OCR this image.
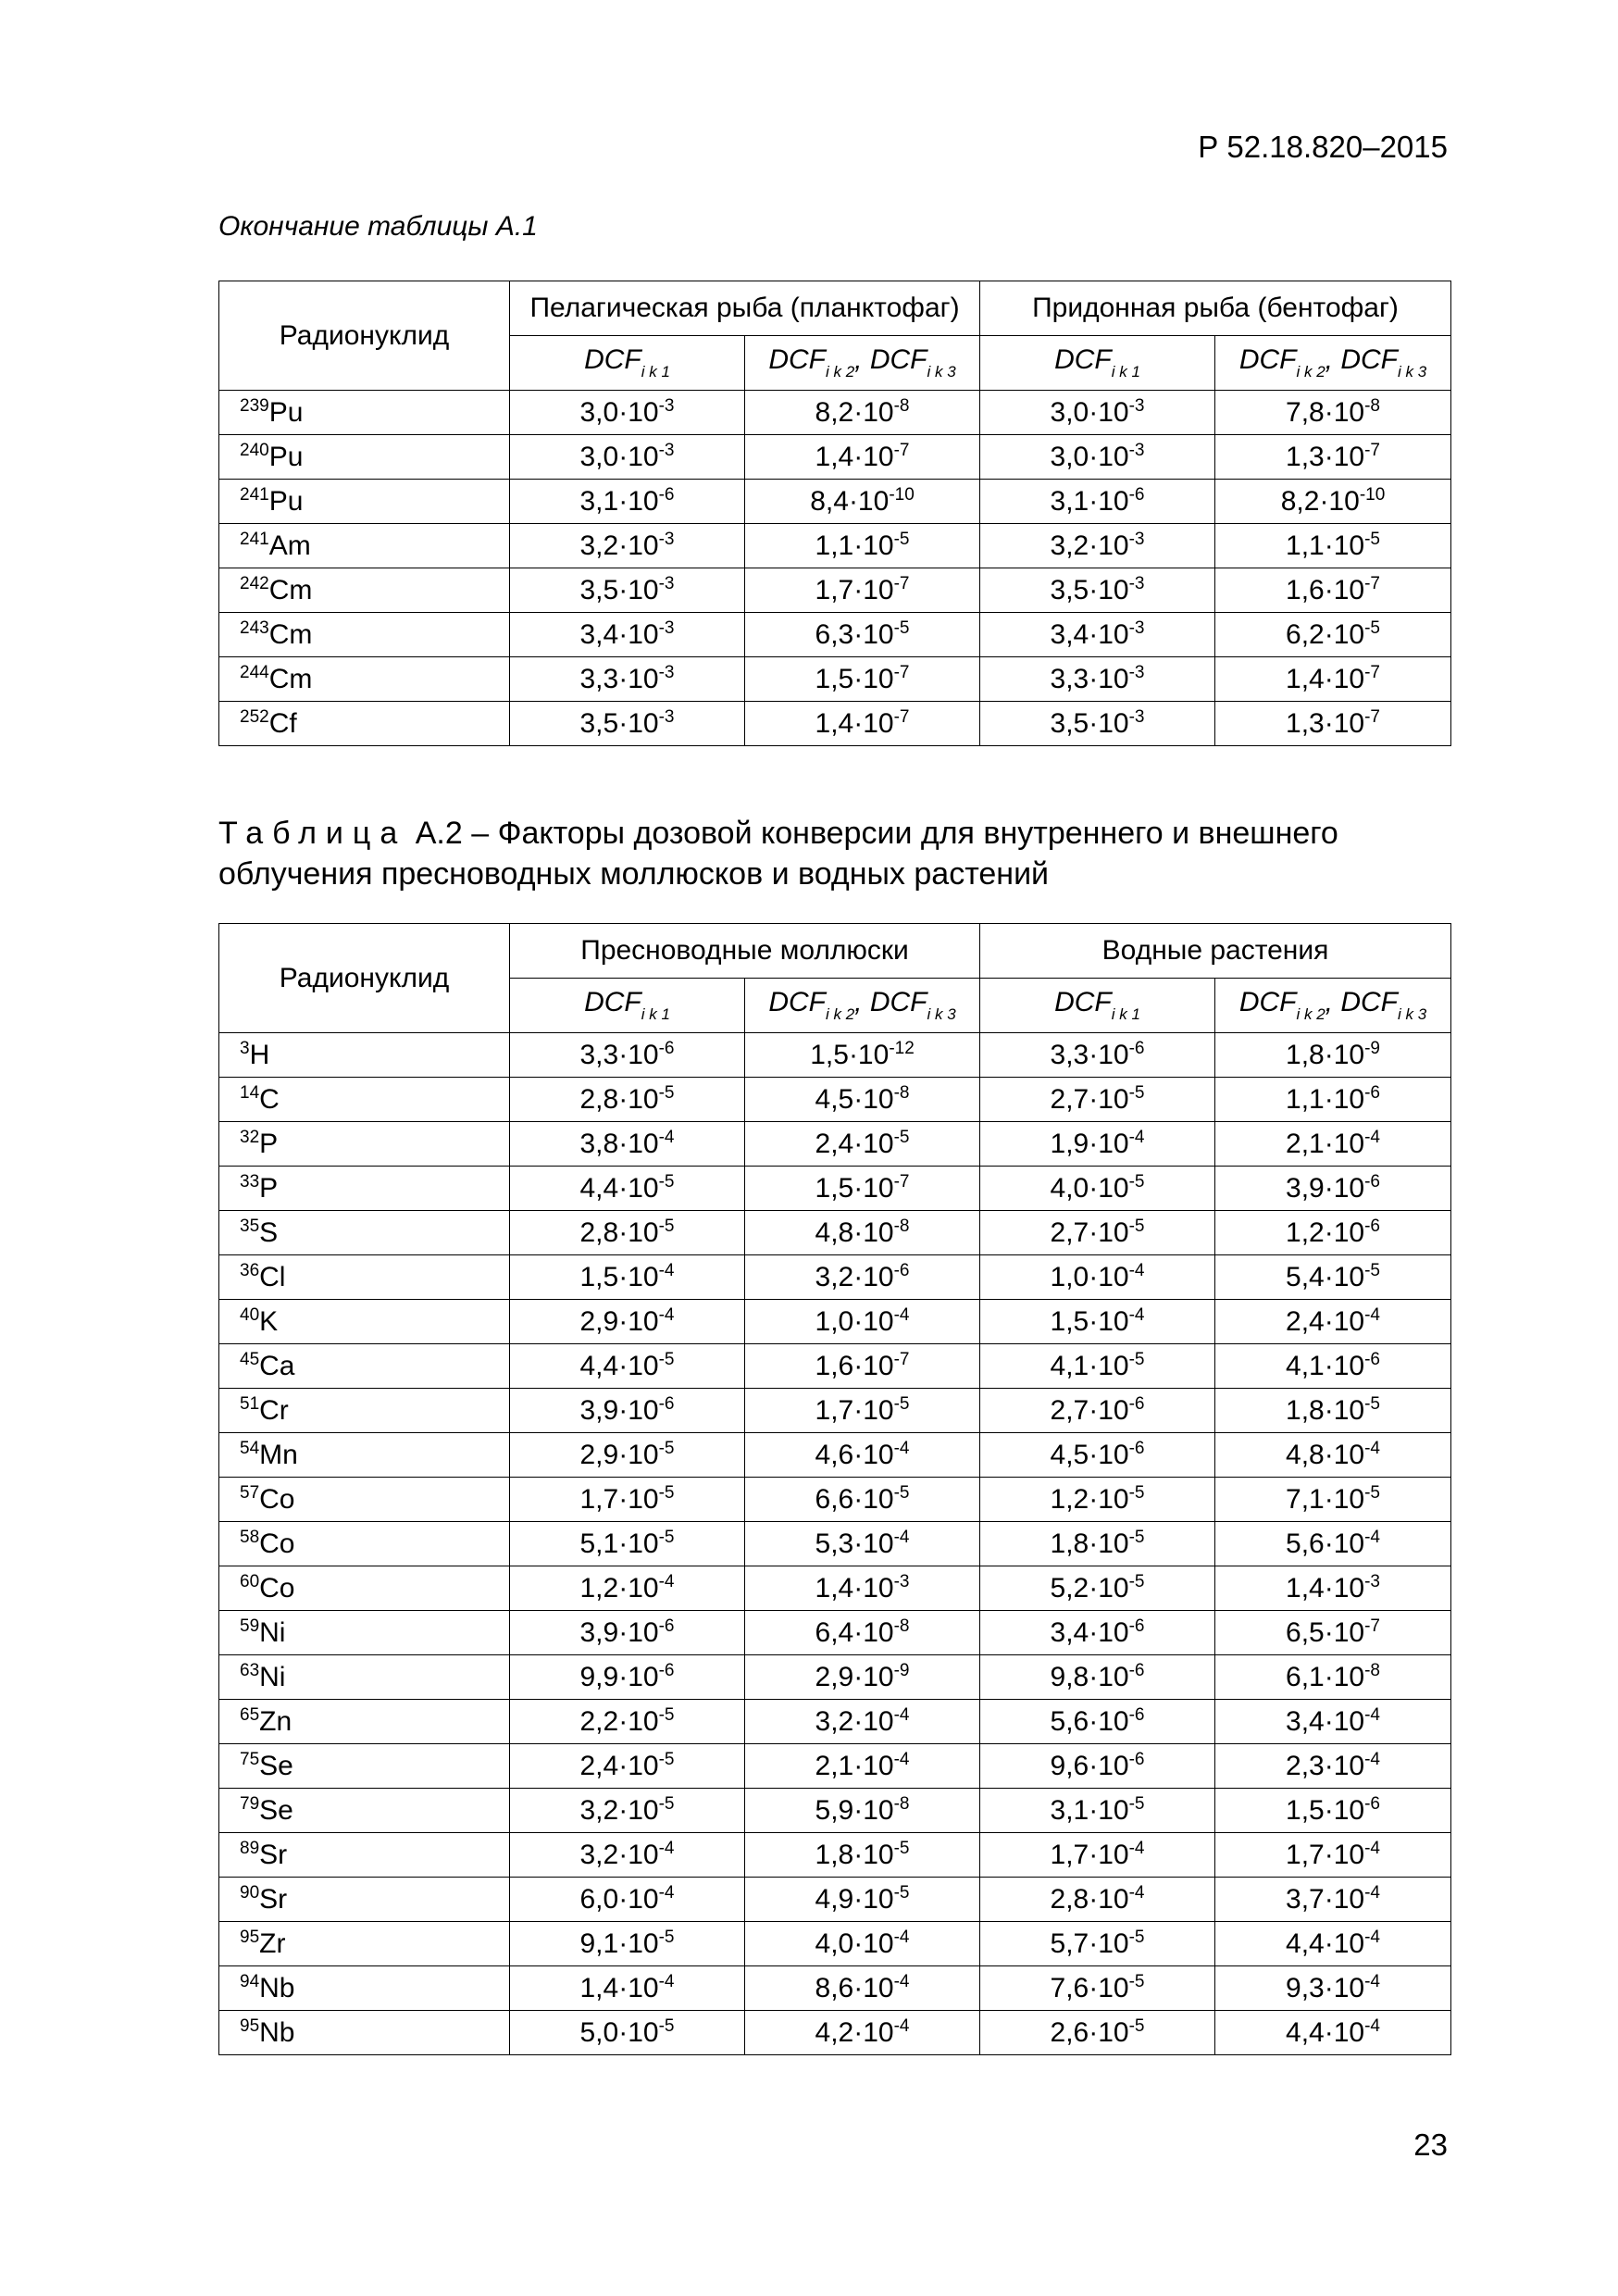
Р 52.18.820–2015
Окончание таблицы А.1
Радионуклид	Пелагическая рыба (планктофаг)		Придонная рыба (бентофаг)	
	$DCF_{i k 1}$	$DCF_{i k 2}$, $DCF_{i k 3}$	$DCF_{i k 1}$	$DCF_{i k 2}$, $DCF_{i k 3}$
$^{239}$Pu	$3,0\cdot 10^{-3}$	$8,2\cdot 10^{-8}$	$3,0\cdot 10^{-3}$	$7,8\cdot 10^{-8}$
$^{240}$Pu	$3,0\cdot 10^{-3}$	$1,4\cdot 10^{-7}$	$3,0\cdot 10^{-3}$	$1,3\cdot 10^{-7}$
$^{241}$Pu	$3,1\cdot 10^{-6}$	$8,4\cdot 10^{-10}$	$3,1\cdot 10^{-6}$	$8,2\cdot 10^{-10}$
$^{241}$Am	$3,2\cdot 10^{-3}$	$1,1\cdot 10^{-5}$	$3,2\cdot 10^{-3}$	$1,1\cdot 10^{-5}$
$^{242}$Cm	$3,5\cdot 10^{-3}$	$1,7\cdot 10^{-7}$	$3,5\cdot 10^{-3}$	$1,6\cdot 10^{-7}$
$^{243}$Cm	$3,4\cdot 10^{-3}$	$6,3\cdot 10^{-5}$	$3,4\cdot 10^{-3}$	$6,2\cdot 10^{-5}$
$^{244}$Cm	$3,3\cdot 10^{-3}$	$1,5\cdot 10^{-7}$	$3,3\cdot 10^{-3}$	$1,4\cdot 10^{-7}$
$^{252}$Cf	$3,5\cdot 10^{-3}$	$1,4\cdot 10^{-7}$	$3,5\cdot 10^{-3}$	$1,3\cdot 10^{-7}$
Таблица А.2 – Факторы дозовой конверсии для внутреннего и внешнего облучения пресноводных моллюсков и водных растений
Радионуклид	Пресноводные моллюски		Водные растения	
	$DCF_{i k 1}$	$DCF_{i k 2}$, $DCF_{i k 3}$	$DCF_{i k 1}$	$DCF_{i k 2}$, $DCF_{i k 3}$
$^3$H	$3,3\cdot 10^{-6}$	$1,5\cdot 10^{-12}$	$3,3\cdot 10^{-6}$	$1,8\cdot 10^{-9}$
$^{14}$C	$2,8\cdot 10^{-5}$	$4,5\cdot 10^{-8}$	$2,7\cdot 10^{-5}$	$1,1\cdot 10^{-6}$
$^{32}$P	$3,8\cdot 10^{-4}$	$2,4\cdot 10^{-5}$	$1,9\cdot 10^{-4}$	$2,1\cdot 10^{-4}$
$^{33}$P	$4,4\cdot 10^{-5}$	$1,5\cdot 10^{-7}$	$4,0\cdot 10^{-5}$	$3,9\cdot 10^{-6}$
$^{35}$S	$2,8\cdot 10^{-5}$	$4,8\cdot 10^{-8}$	$2,7\cdot 10^{-5}$	$1,2\cdot 10^{-6}$
$^{36}$Cl	$1,5\cdot 10^{-4}$	$3,2\cdot 10^{-6}$	$1,0\cdot 10^{-4}$	$5,4\cdot 10^{-5}$
$^{40}$K	$2,9\cdot 10^{-4}$	$1,0\cdot 10^{-4}$	$1,5\cdot 10^{-4}$	$2,4\cdot 10^{-4}$
$^{45}$Ca	$4,4\cdot 10^{-5}$	$1,6\cdot 10^{-7}$	$4,1\cdot 10^{-5}$	$4,1\cdot 10^{-6}$
$^{51}$Cr	$3,9\cdot 10^{-6}$	$1,7\cdot 10^{-5}$	$2,7\cdot 10^{-6}$	$1,8\cdot 10^{-5}$
$^{54}$Mn	$2,9\cdot 10^{-5}$	$4,6\cdot 10^{-4}$	$4,5\cdot 10^{-6}$	$4,8\cdot 10^{-4}$
$^{57}$Co	$1,7\cdot 10^{-5}$	$6,6\cdot 10^{-5}$	$1,2\cdot 10^{-5}$	$7,1\cdot 10^{-5}$
$^{58}$Co	$5,1\cdot 10^{-5}$	$5,3\cdot 10^{-4}$	$1,8\cdot 10^{-5}$	$5,6\cdot 10^{-4}$
$^{60}$Co	$1,2\cdot 10^{-4}$	$1,4\cdot 10^{-3}$	$5,2\cdot 10^{-5}$	$1,4\cdot 10^{-3}$
$^{59}$Ni	$3,9\cdot 10^{-6}$	$6,4\cdot 10^{-8}$	$3,4\cdot 10^{-6}$	$6,5\cdot 10^{-7}$
$^{63}$Ni	$9,9\cdot 10^{-6}$	$2,9\cdot 10^{-9}$	$9,8\cdot 10^{-6}$	$6,1\cdot 10^{-8}$
$^{65}$Zn	$2,2\cdot 10^{-5}$	$3,2\cdot 10^{-4}$	$5,6\cdot 10^{-6}$	$3,4\cdot 10^{-4}$
$^{75}$Se	$2,4\cdot 10^{-5}$	$2,1\cdot 10^{-4}$	$9,6\cdot 10^{-6}$	$2,3\cdot 10^{-4}$
$^{79}$Se	$3,2\cdot 10^{-5}$	$5,9\cdot 10^{-8}$	$3,1\cdot 10^{-5}$	$1,5\cdot 10^{-6}$
$^{89}$Sr	$3,2\cdot 10^{-4}$	$1,8\cdot 10^{-5}$	$1,7\cdot 10^{-4}$	$1,7\cdot 10^{-4}$
$^{90}$Sr	$6,0\cdot 10^{-4}$	$4,9\cdot 10^{-5}$	$2,8\cdot 10^{-4}$	$3,7\cdot 10^{-4}$
$^{95}$Zr	$9,1\cdot 10^{-5}$	$4,0\cdot 10^{-4}$	$5,7\cdot 10^{-5}$	$4,4\cdot 10^{-4}$
$^{94}$Nb	$1,4\cdot 10^{-4}$	$8,6\cdot 10^{-4}$	$7,6\cdot 10^{-5}$	$9,3\cdot 10^{-4}$
$^{95}$Nb	$5,0\cdot 10^{-5}$	$4,2\cdot 10^{-4}$	$2,6\cdot 10^{-5}$	$4,4\cdot 10^{-4}$
23
